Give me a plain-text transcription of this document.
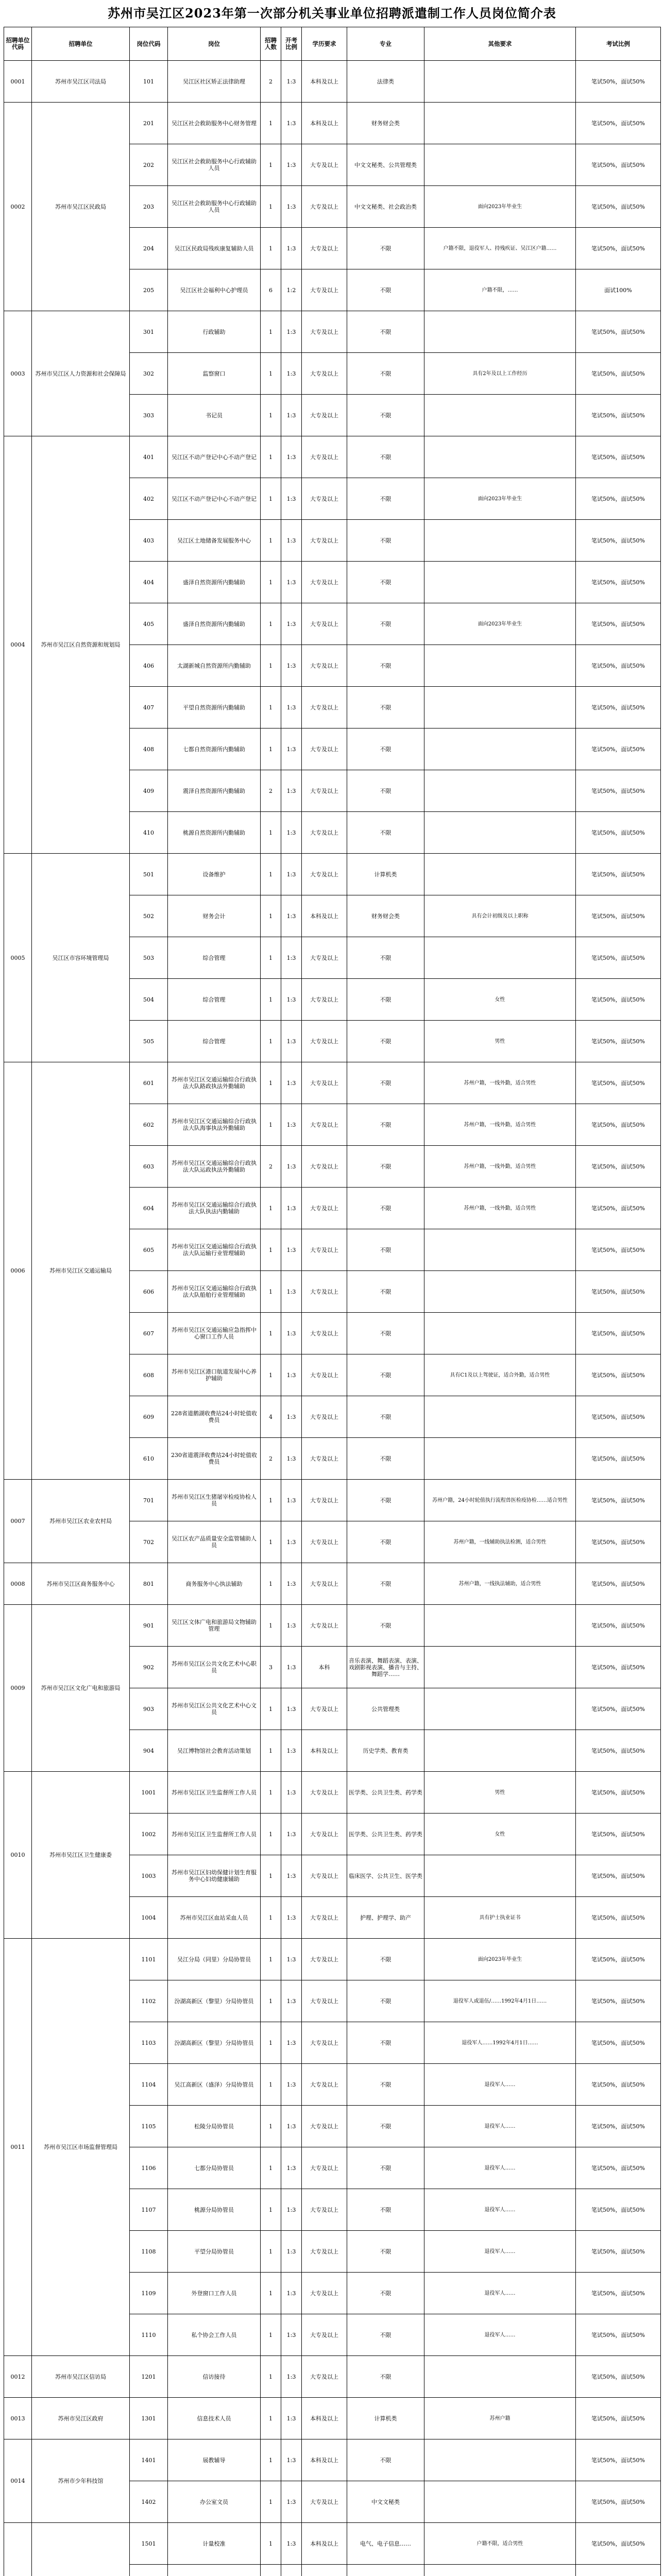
苏州市吴江区2023年第一次部分机关事业单位招聘派遣制工作人员岗位简介表
招聘单位代码	招聘单位	岗位代码	岗位	招聘人数	开考比例	学历要求	专业	其他要求	考试比例
0001	苏州市吴江区司法局	101	吴江区社区矫正法律助理	2	1:3	本科及以上	法律类		笔试50%，面试50%
0002	苏州市吴江区民政局	201	吴江区社会救助服务中心财务管理	1	1:3	本科及以上	财务财会类		笔试50%，面试50%
		202	吴江区社会救助服务中心行政辅助人员	1	1:3	大专及以上	中文文秘类、公共管理类		笔试50%，面试50%
		203	吴江区社会救助服务中心行政辅助人员	1	1:3	大专及以上	中文文秘类、社会政治类	面向2023年毕业生	笔试50%，面试50%
		204	吴江区民政局残疾康复辅助人员	1	1:3	大专及以上	不限	户籍不限，退役军人、持残疾证、吴江区户籍……	笔试50%，面试50%
		205	吴江区社会福利中心护理员	6	1:2	大专及以上	不限	户籍不限，……	面试100%
0003	苏州市吴江区人力资源和社会保障局	301	行政辅助	1	1:3	大专及以上	不限		笔试50%，面试50%
		302	监察窗口	1	1:3	大专及以上	不限	具有2年及以上工作经历	笔试50%，面试50%
		303	书记员	1	1:3	大专及以上	不限		笔试50%，面试50%
0004	苏州市吴江区自然资源和规划局	401	吴江区不动产登记中心不动产登记	1	1:3	大专及以上	不限		笔试50%，面试50%
		402	吴江区不动产登记中心不动产登记	1	1:3	大专及以上	不限	面向2023年毕业生	笔试50%，面试50%
		403	吴江区土地储备发展服务中心	1	1:3	大专及以上	不限		笔试50%，面试50%
		404	盛泽自然资源所内勤辅助	1	1:3	大专及以上	不限		笔试50%，面试50%
		405	盛泽自然资源所内勤辅助	1	1:3	大专及以上	不限	面向2023年毕业生	笔试50%，面试50%
		406	太湖新城自然资源所内勤辅助	1	1:3	大专及以上	不限		笔试50%，面试50%
		407	平望自然资源所内勤辅助	1	1:3	大专及以上	不限		笔试50%，面试50%
		408	七都自然资源所内勤辅助	1	1:3	大专及以上	不限		笔试50%，面试50%
		409	震泽自然资源所内勤辅助	2	1:3	大专及以上	不限		笔试50%，面试50%
		410	桃源自然资源所内勤辅助	1	1:3	大专及以上	不限		笔试50%，面试50%
0005	吴江区市容环境管理局	501	设备维护	1	1:3	大专及以上	计算机类		笔试50%，面试50%
		502	财务会计	1	1:3	本科及以上	财务财会类	具有会计初级及以上职称	笔试50%，面试50%
		503	综合管理	1	1:3	大专及以上	不限		笔试50%，面试50%
		504	综合管理	1	1:3	大专及以上	不限	女性	笔试50%，面试50%
		505	综合管理	1	1:3	大专及以上	不限	男性	笔试50%，面试50%
0006	苏州市吴江区交通运输局	601	苏州市吴江区交通运输综合行政执法大队路政执法外勤辅助	1	1:3	大专及以上	不限	苏州户籍，一线外勤，适合男性	笔试50%，面试50%
		602	苏州市吴江区交通运输综合行政执法大队海事执法外勤辅助	1	1:3	大专及以上	不限	苏州户籍，一线外勤，适合男性	笔试50%，面试50%
		603	苏州市吴江区交通运输综合行政执法大队运政执法外勤辅助	2	1:3	大专及以上	不限	苏州户籍，一线外勤，适合男性	笔试50%，面试50%
		604	苏州市吴江区交通运输综合行政执法大队执法内勤辅助	1	1:3	大专及以上	不限	苏州户籍，一线外勤，适合男性	笔试50%，面试50%
		605	苏州市吴江区交通运输综合行政执法大队运输行业管理辅助	1	1:3	大专及以上	不限		笔试50%，面试50%
		606	苏州市吴江区交通运输综合行政执法大队船舶行业管理辅助	1	1:3	大专及以上	不限		笔试50%，面试50%
		607	苏州市吴江区交通运输应急指挥中心窗口工作人员	1	1:3	大专及以上	不限		笔试50%，面试50%
		608	苏州市吴江区港口航道发展中心养护辅助	1	1:3	大专及以上	不限	具有C1及以上驾驶证，适合外勤，适合男性	笔试50%，面试50%
		609	228省道鹅湖收费站24小时轮值收费员	4	1:3	大专及以上	不限		笔试50%，面试50%
		610	230省道震泽收费站24小时轮值收费员	2	1:3	大专及以上	不限		笔试50%，面试50%
0007	苏州市吴江区农业农村局	701	苏州市吴江区生猪屠宰检疫协检人员	1	1:3	大专及以上	不限	苏州户籍，24小时轮值执行流程兽医检疫协检……适合男性	笔试50%，面试50%
		702	吴江区农产品质量安全监管辅助人员	1	1:3	大专及以上	不限	苏州户籍，一线辅助执法检测，适合男性	笔试50%，面试50%
0008	苏州市吴江区商务服务中心	801	商务服务中心执法辅助	1	1:3	大专及以上	不限	苏州户籍，一线执法辅助，适合男性	笔试50%，面试50%
0009	苏州市吴江区文化广电和旅游局	901	吴江区文体广电和旅游局文物辅助管理	1	1:3	大专及以上	不限		笔试50%，面试50%
		902	苏州市吴江区公共文化艺术中心职员	3	1:3	本科	音乐表演、舞蹈表演、表演、戏剧影视表演、播音与主持、舞蹈学……		笔试50%，面试50%
		903	苏州市吴江区公共文化艺术中心文员	1	1:3	大专及以上	公共管理类		笔试50%，面试50%
		904	吴江博物馆社会教育活动策划	1	1:3	本科及以上	历史学类、教育类		笔试50%，面试50%
0010	苏州市吴江区卫生健康委	1001	苏州市吴江区卫生监督所工作人员	1	1:3	大专及以上	医学类、公共卫生类、药学类	男性	笔试50%，面试50%
		1002	苏州市吴江区卫生监督所工作人员	1	1:3	大专及以上	医学类、公共卫生类、药学类	女性	笔试50%，面试50%
		1003	苏州市吴江区妇幼保健计划生育服务中心妇幼健康辅助	1	1:3	大专及以上	临床医学、公共卫生、医学类		笔试50%，面试50%
		1004	苏州市吴江区血站采血人员	1	1:3	大专及以上	护理、护理学、助产	具有护士执业证书	笔试50%，面试50%
0011	苏州市吴江区市场监督管理局	1101	吴江分局（同里）分局协管员	1	1:3	大专及以上	不限	面向2023年毕业生	笔试50%，面试50%
		1102	汾湖高新区（黎里）分局协管员	1	1:3	大专及以上	不限	退役军人或退伍/……1992年4月1日……	笔试50%，面试50%
		1103	汾湖高新区（黎里）分局协管员	1	1:3	大专及以上	不限	退役军人……1992年4月1日……	笔试50%，面试50%
		1104	吴江高新区（盛泽）分局协管员	1	1:3	大专及以上	不限	退役军人……	笔试50%，面试50%
		1105	松陵分局协管员	1	1:3	大专及以上	不限	退役军人……	笔试50%，面试50%
		1106	七都分局协管员	1	1:3	大专及以上	不限	退役军人……	笔试50%，面试50%
		1107	桃源分局协管员	1	1:3	大专及以上	不限	退役军人……	笔试50%，面试50%
		1108	平望分局协管员	1	1:3	大专及以上	不限	退役军人……	笔试50%，面试50%
		1109	外登窗口工作人员	1	1:3	大专及以上	不限	退役军人……	笔试50%，面试50%
		1110	私个协会工作人员	1	1:3	大专及以上	不限	退役军人……	笔试50%，面试50%
0012	苏州市吴江区信访局	1201	信访接待	1	1:3	大专及以上	不限		笔试50%，面试50%
0013	苏州市吴江区政府	1301	信息技术人员	1	1:3	本科及以上	计算机类	苏州户籍	笔试50%，面试50%
0014	苏州市少年科技馆	1401	展教辅导	1	1:3	本科及以上	不限		笔试50%，面试50%
		1402	办公室文员	1	1:3	大专及以上	中文文秘类		笔试50%，面试50%
		1501	计量校准	1	1:3	本科及以上	电气、电子信息……	户籍不限，适合男性	笔试50%，面试50%
